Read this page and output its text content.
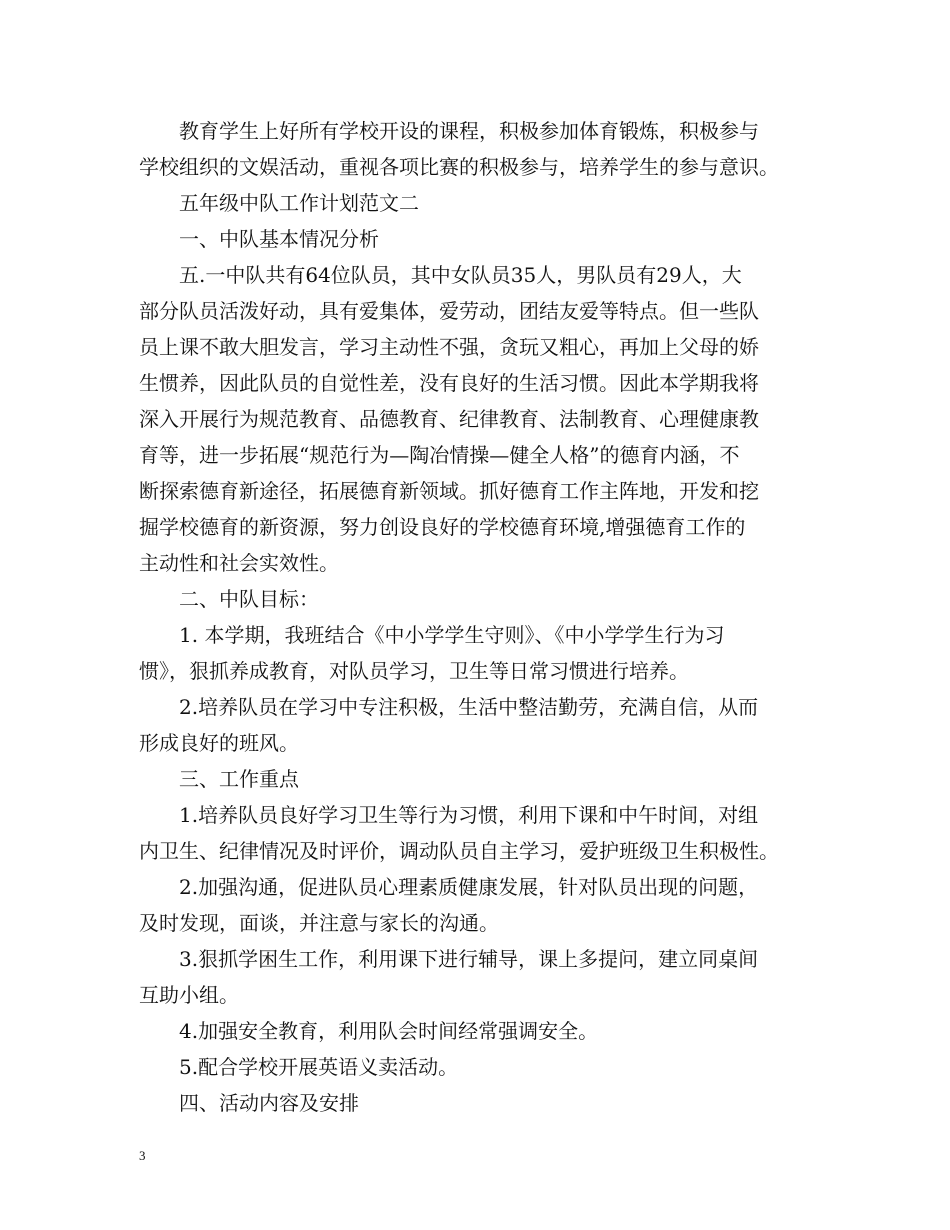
　　教育学生上好所有学校开设的课程，积极参加体育锻炼，积极参与
学校组织的文娱活动，重视各项比赛的积极参与，培养学生的参与意识。
　　五年级中队工作计划范文二
　　一、中队基本情况分析
　　五.一中队共有64位队员，其中女队员35人，男队员有29人，大
部分队员活泼好动，具有爱集体，爱劳动，团结友爱等特点。但一些队
员上课不敢大胆发言，学习主动性不强，贪玩又粗心，再加上父母的娇
生惯养，因此队员的自觉性差，没有良好的生活习惯。因此本学期我将
深入开展行为规范教育、品德教育、纪律教育、法制教育、心理健康教
育等，进一步拓展“规范行为—陶冶情操—健全人格”的德育内涵，不
断探索德育新途径，拓展德育新领域。抓好德育工作主阵地，开发和挖
掘学校德育的新资源，努力创设良好的学校德育环境,增强德育工作的
主动性和社会实效性。
　　二、中队目标：
　　1. 本学期，我班结合《中小学学生守则》、《中小学学生行为习
惯》，狠抓养成教育，对队员学习，卫生等日常习惯进行培养。
　　2.培养队员在学习中专注积极，生活中整洁勤劳，充满自信，从而
形成良好的班风。
　　三、工作重点
　　1.培养队员良好学习卫生等行为习惯，利用下课和中午时间，对组
内卫生、纪律情况及时评价，调动队员自主学习，爱护班级卫生积极性。
　　2.加强沟通，促进队员心理素质健康发展，针对队员出现的问题，
及时发现，面谈，并注意与家长的沟通。
　　3.狠抓学困生工作，利用课下进行辅导，课上多提问，建立同桌间
互助小组。
　　4.加强安全教育，利用队会时间经常强调安全。
　　5.配合学校开展英语义卖活动。
　　四、活动内容及安排
3
